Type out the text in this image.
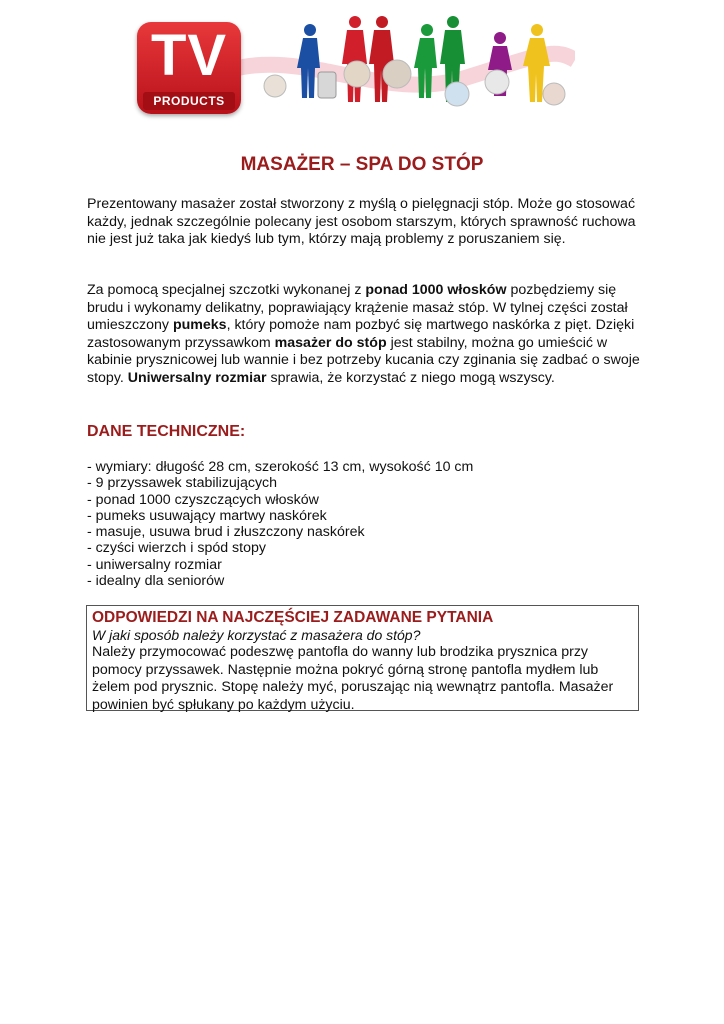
TV
PRODUCTS
MASAŻER – SPA DO STÓP

Prezentowany masażer został stworzony z myślą o pielęgnacji stóp. Może go stosować każdy, jednak szczególnie polecany jest osobom starszym, których sprawność ruchowa nie jest już taka jak kiedyś lub tym, którzy mają problemy z poruszaniem się.

Za pomocą specjalnej szczotki wykonanej z ponad 1000 włosków pozbędziemy się brudu i wykonamy delikatny, poprawiający krążenie masaż stóp. W tylnej części został umieszczony pumeks, który pomoże nam pozbyć się martwego naskórka z pięt. Dzięki zastosowanym przyssawkom masażer do stóp jest stabilny, można go umieścić w kabinie prysznicowej lub wannie i bez potrzeby kucania czy zginania się zadbać o swoje stopy. Uniwersalny rozmiar sprawia, że korzystać z niego mogą wszyscy.

DANE TECHNICZNE:
- wymiary: długość 28 cm, szerokość 13 cm, wysokość 10 cm
- 9 przyssawek stabilizujących
- ponad 1000 czyszczących włosków
- pumeks usuwający martwy naskórek
- masuje, usuwa brud i złuszczony naskórek
- czyści wierzch i spód stopy
- uniwersalny rozmiar
- idealny dla seniorów

ODPOWIEDZI NA NAJCZĘŚCIEJ ZADAWANE PYTANIA

W jaki sposób należy korzystać z masażera do stóp?

Należy przymocować podeszwę pantofla do wanny lub brodzika prysznica przy pomocy przyssawek. Następnie można pokryć górną stronę pantofla mydłem lub żelem pod prysznic. Stopę należy myć, poruszając nią wewnątrz pantofla. Masażer powinien być spłukany po każdym użyciu.
